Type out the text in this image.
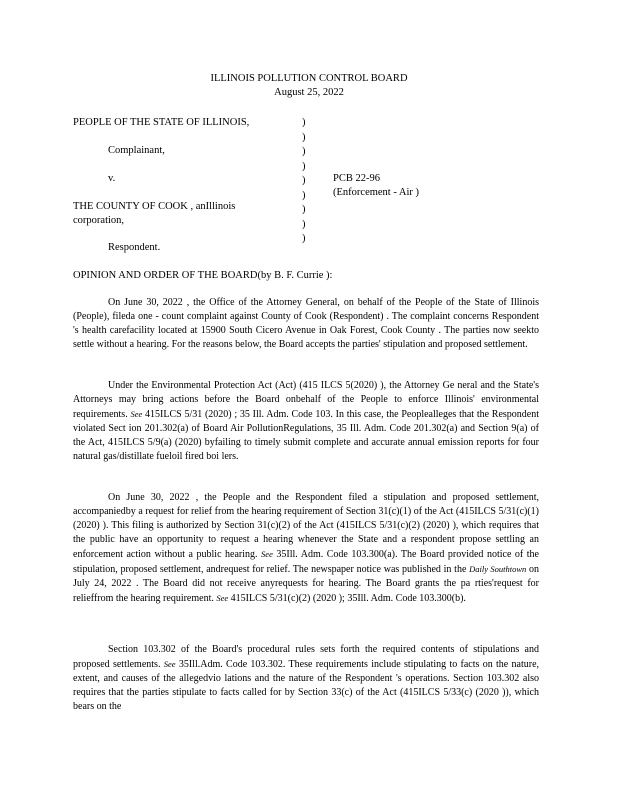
ILLINOIS POLLUTION CONTROL BOARD
August 25, 2022
PEOPLE OF THE STATE OF ILLINOIS,
Complainant,
v.
THE COUNTY OF COOK , anIllinois
corporation,
Respondent.
)
)
)
)
)
)
)
)
)
PCB 22-96
(Enforcement - Air )
OPINION AND ORDER OF THE BOARD(by B. F. Currie ):

On June 30, 2022 , the Office of the Attorney General, on behalf of the People of the State of Illinois (People), fileda one - count complaint against County of Cook (Respondent) . The complaint concerns Respondent 's health carefacility located at 15900 South Cicero Avenue in Oak Forest, Cook County . The parties now seekto settle without a hearing. For the reasons below, the Board accepts the parties' stipulation and proposed settlement.

Under the Environmental Protection Act (Act) (415 ILCS 5(2020) ), the Attorney Ge neral and the State's Attorneys may bring actions before the Board onbehalf of the People to enforce Illinois' environmental requirements. See 415ILCS 5/31 (2020) ; 35 Ill. Adm. Code 103. In this case, the Peoplealleges that the Respondent violated Sect ion 201.302(a) of Board Air PollutionRegulations, 35 Ill. Adm. Code 201.302(a) and Section 9(a) of the Act, 415ILCS 5/9(a) (2020) byfailing to timely submit complete and accurate annual emission reports for four natural gas/distillate fueloil fired boi lers.

On June 30, 2022 , the People and the Respondent filed a stipulation and proposed settlement, accompaniedby a request for relief from the hearing requirement of Section 31(c)(1) of the Act (415ILCS 5/31(c)(1) (2020) ). This filing is authorized by Section 31(c)(2) of the Act (415ILCS 5/31(c)(2) (2020) ), which requires that the public have an opportunity to request a hearing whenever the State and a respondent propose settling an enforcement action without a public hearing. See 35Ill. Adm. Code 103.300(a). The Board provided notice of the stipulation, proposed settlement, andrequest for relief. The newspaper notice was published in the Daily Southtown on July 24, 2022 . The Board did not receive anyrequests for hearing. The Board grants the pa rties'request for relieffrom the hearing requirement. See 415ILCS 5/31(c)(2) (2020 ); 35Ill. Adm. Code 103.300(b).

Section 103.302 of the Board's procedural rules sets forth the required contents of stipulations and proposed settlements. See 35Ill.Adm. Code 103.302. These requirements include stipulating to facts on the nature, extent, and causes of the allegedvio lations and the nature of the Respondent 's operations. Section 103.302 also requires that the parties stipulate to facts called for by Section 33(c) of the Act (415ILCS 5/33(c) (2020 )), which bears on the
